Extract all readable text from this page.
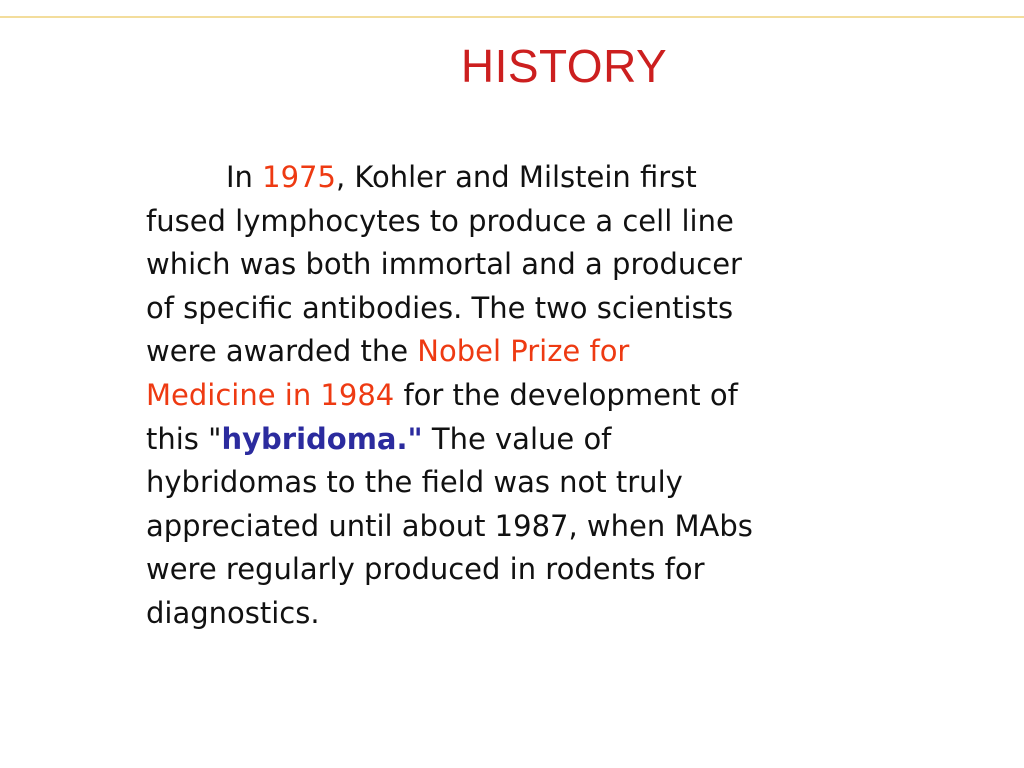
HISTORY
In 1975, Kohler and Milstein first
fused lymphocytes to produce a cell line
which was both immortal and a producer
of specific antibodies. The two scientists
were awarded the Nobel Prize for
Medicine in 1984 for the development of
this "hybridoma." The value of
hybridomas to the field was not truly
appreciated until about 1987, when MAbs
were regularly produced in rodents for
diagnostics.
